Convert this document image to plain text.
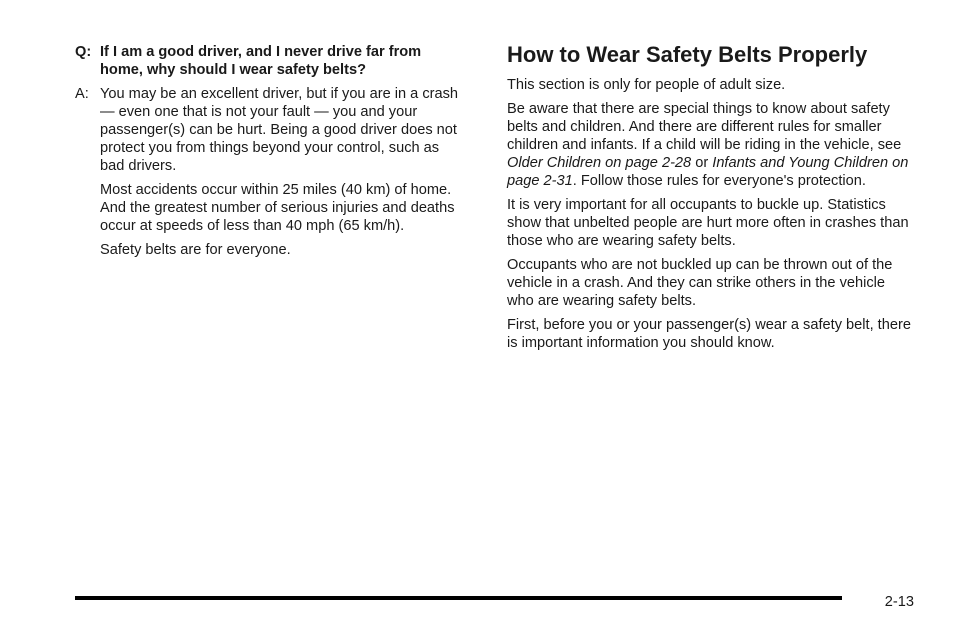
Q: If I am a good driver, and I never drive far from home, why should I wear safety belts?
A: You may be an excellent driver, but if you are in a crash — even one that is not your fault — you and your passenger(s) can be hurt. Being a good driver does not protect you from things beyond your control, such as bad drivers.
Most accidents occur within 25 miles (40 km) of home. And the greatest number of serious injuries and deaths occur at speeds of less than 40 mph (65 km/h).
Safety belts are for everyone.
How to Wear Safety Belts Properly

This section is only for people of adult size.

Be aware that there are special things to know about safety belts and children. And there are different rules for smaller children and infants. If a child will be riding in the vehicle, see Older Children on page 2-28 or Infants and Young Children on page 2-31. Follow those rules for everyone's protection.

It is very important for all occupants to buckle up. Statistics show that unbelted people are hurt more often in crashes than those who are wearing safety belts.

Occupants who are not buckled up can be thrown out of the vehicle in a crash. And they can strike others in the vehicle who are wearing safety belts.

First, before you or your passenger(s) wear a safety belt, there is important information you should know.

2-13
